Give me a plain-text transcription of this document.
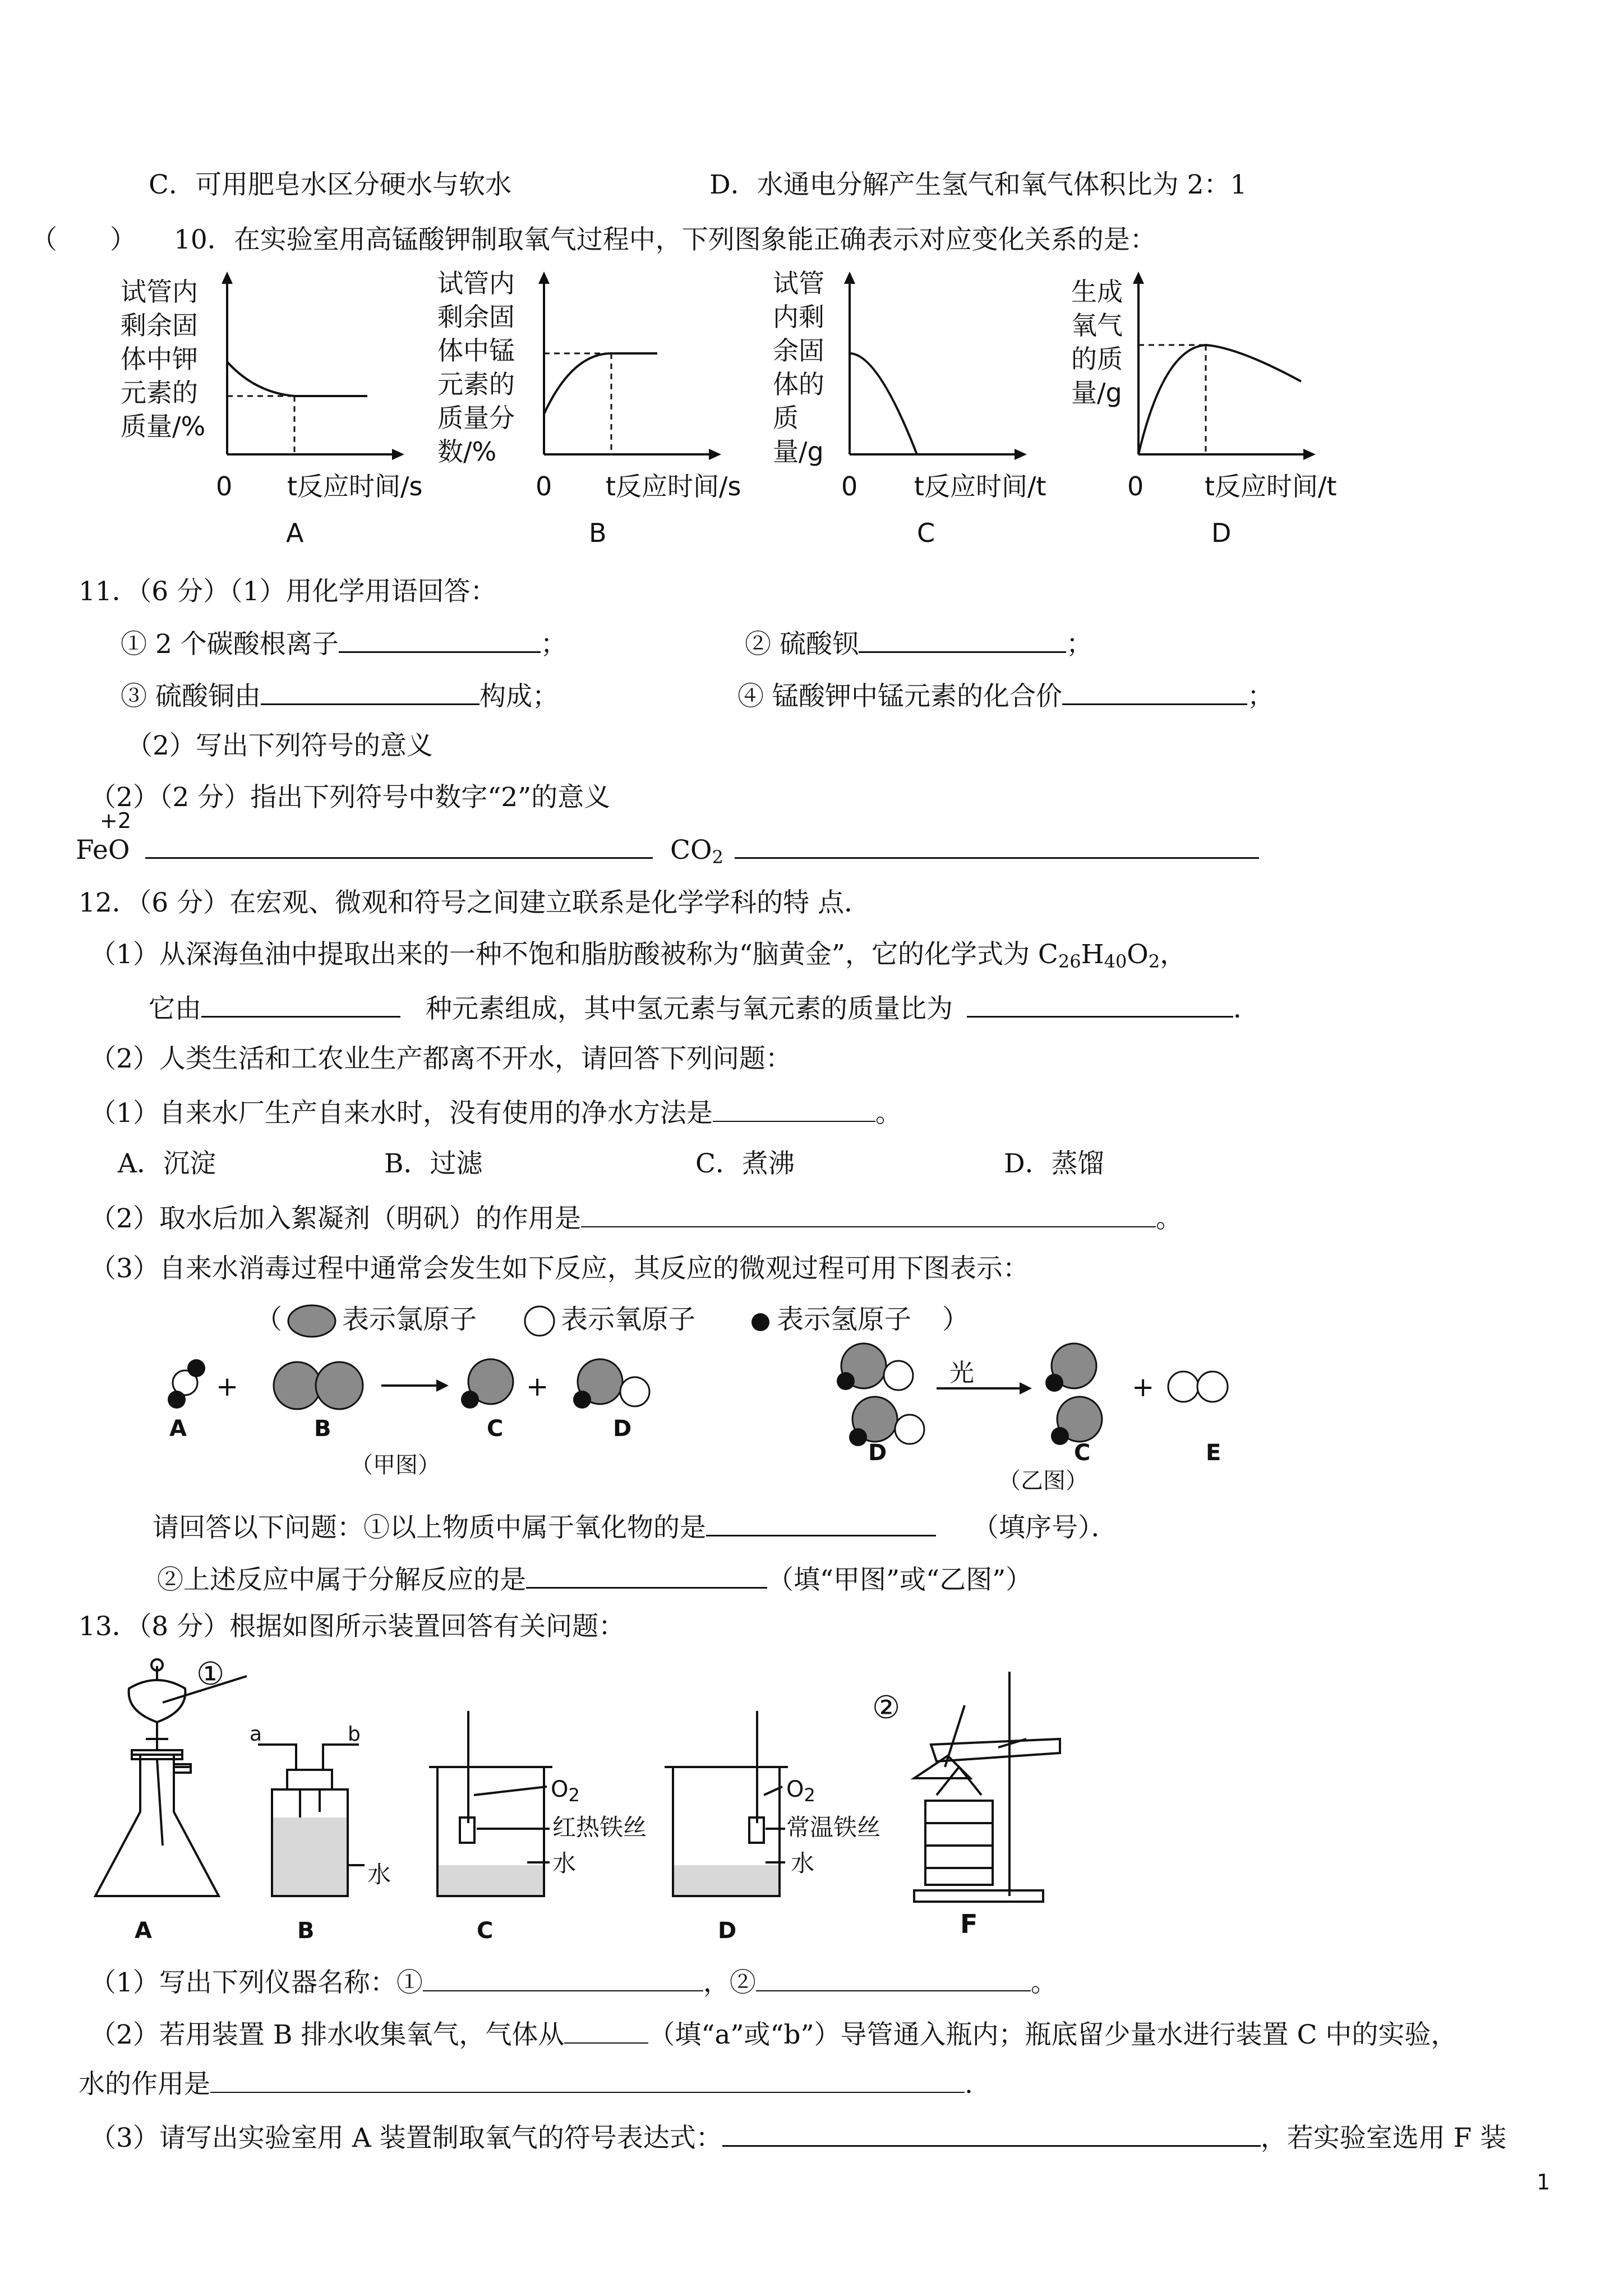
C．可用肥皂水区分硬水与软水	D．水通电分解产生氢气和氧气体积比为 2：1
（　　） 10．在实验室用高锰酸钾制取氧气过程中，下列图象能正确表示对应变化关系的是：
试管内剩余固体中钾元素的质量/%
0 t反应时间/s
A
试管内剩余固体中锰元素的质量分数/%
0 t反应时间/s
B
试管内剩余固体的质量/g
0 t反应时间/t
C
生成氧气的质量/g
0 t反应时间/t
D
11．（6 分）（1）用化学用语回答：
① 2 个碳酸根离子	；	② 硫酸钡	；
③ 硫酸铜由	构成；	④ 锰酸钾中锰元素的化合价	；
（2）写出下列符号的意义
（2）（2 分）指出下列符号中数字“2”的意义
+2
FeO	$CO_2$
12．（6 分）在宏观、微观和符号之间建立联系是化学学科的特 点．
（1）从深海鱼油中提取出来的一种不饱和脂肪酸被称为“脑黄金”，它的化学式为 $C_{26}H_{40}O_2$，
它由	种元素组成，其中氢元素与氧元素的质量比为	．
（2）人类生活和工农业生产都离不开水，请回答下列问题：
（1）自来水厂生产自来水时，没有使用的净水方法是	。
A．沉淀	B．过滤	C．煮沸	D．蒸馏
（2）取水后加入絮凝剂（明矾）的作用是	。
（3）自来水消毒过程中通常会发生如下反应，其反应的微观过程可用下图表示：
（ 表示氯原子	表示氧原子	表示氢原子 ）
+	+
A	B	C	D
（甲图）
光	+
D	C	E
（乙图）
请回答以下问题：①以上物质中属于氧化物的是	（填序号）．
②上述反应中属于分解反应的是	（填“甲图”或“乙图”）
13．（8 分）根据如图所示装置回答有关问题：
①
②
a	b
$O_2$
红热铁丝
水
$O_2$
常温铁丝
水
水
A	B	C	D	F
（1）写出下列仪器名称：①	，②	。
（2）若用装置 B 排水收集氧气，气体从	（填“a”或“b”）导管通入瓶内；瓶底留少量水进行装置 C 中的实验，
水的作用是	.
（3）请写出实验室用 A 装置制取氧气的符号表达式：	，若实验室选用 F 装
1
